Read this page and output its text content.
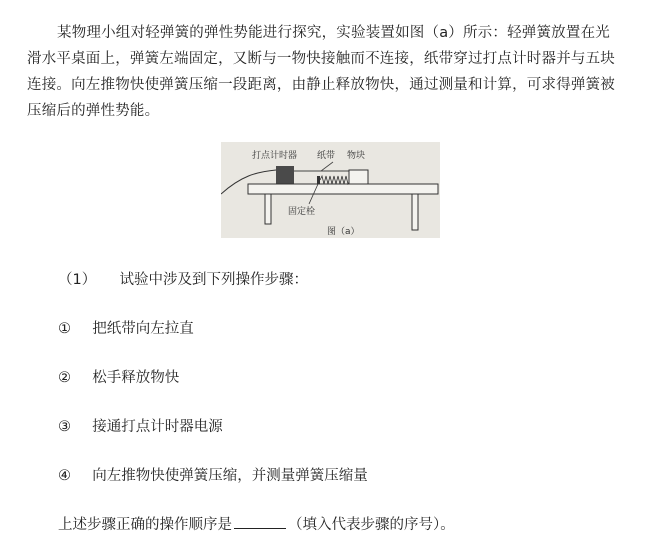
某物理小组对轻弹簧的弹性势能进行探究，实验装置如图（a）所示：轻弹簧放置在光
滑水平桌面上，弹簧左端固定，又断与一物快接触而不连接，纸带穿过打点计时器并与五块
连接。向左推物快使弹簧压缩一段距离，由静止释放物快，通过测量和计算，可求得弹簧被
压缩后的弹性势能。
打点计时器 纸带 物块
固定栓
图（a）
（1） 试验中涉及到下列操作步骤：
① 把纸带向左拉直
② 松手释放物快
③ 接通打点计时器电源
④ 向左推物快使弹簧压缩，并测量弹簧压缩量
上述步骤正确的操作顺序是	（填入代表步骤的序号）。
